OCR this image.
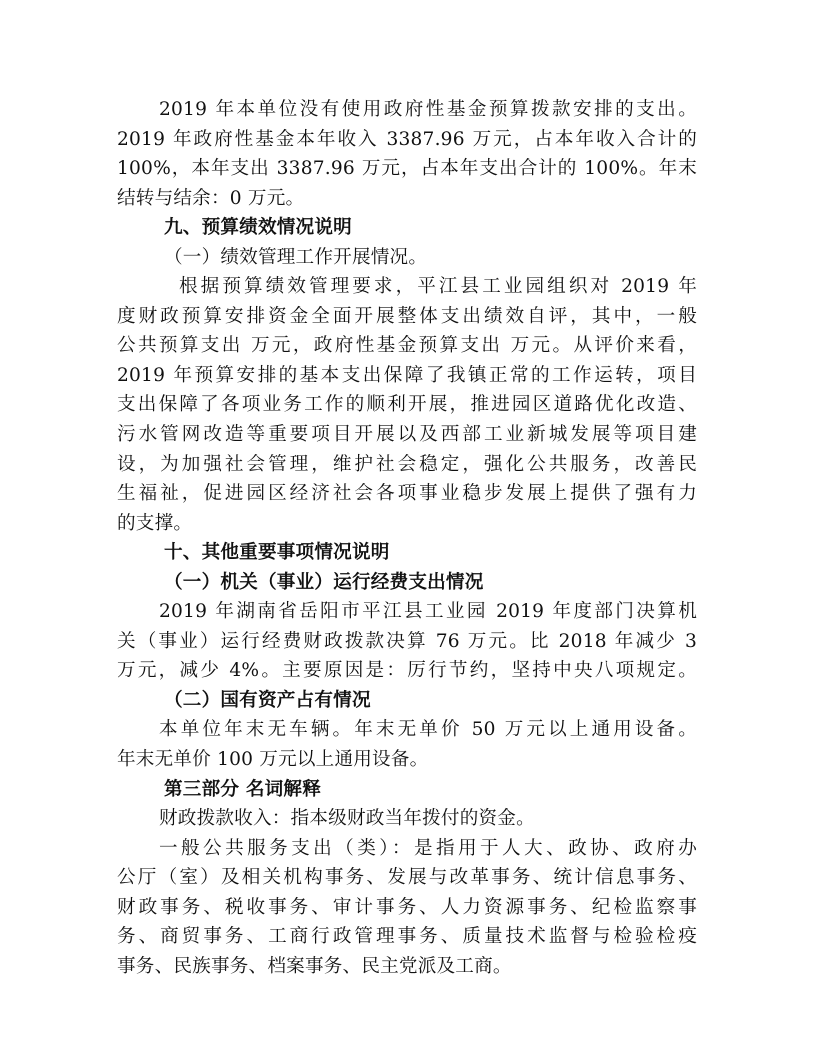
2019 年本单位没有使用政府性基金预算拨款安排的支出。
2019 年政府性基金本年收入 3387.96 万元，占本年收入合计的
100%，本年支出 3387.96 万元，占本年支出合计的 100%。年末
结转与结余：0 万元。
九、预算绩效情况说明
（一）绩效管理工作开展情况。
根据预算绩效管理要求，平江县工业园组织对 2019 年
度财政预算安排资金全面开展整体支出绩效自评，其中，一般
公共预算支出 万元，政府性基金预算支出 万元。从评价来看，
2019 年预算安排的基本支出保障了我镇正常的工作运转，项目
支出保障了各项业务工作的顺利开展，推进园区道路优化改造、
污水管网改造等重要项目开展以及西部工业新城发展等项目建
设，为加强社会管理，维护社会稳定，强化公共服务，改善民
生福祉，促进园区经济社会各项事业稳步发展上提供了强有力
的支撑。
十、其他重要事项情况说明
（一）机关（事业）运行经费支出情况
2019 年湖南省岳阳市平江县工业园 2019 年度部门决算机
关（事业）运行经费财政拨款决算 76 万元。比 2018 年减少 3
万元，减少 4%。主要原因是：厉行节约，坚持中央八项规定。
（二）国有资产占有情况
本单位年末无车辆。年末无单价 50 万元以上通用设备。
年末无单价 100 万元以上通用设备。
第三部分 名词解释
财政拨款收入：指本级财政当年拨付的资金。
一般公共服务支出（类）：是指用于人大、政协、政府办
公厅（室）及相关机构事务、发展与改革事务、统计信息事务、
财政事务、税收事务、审计事务、人力资源事务、纪检监察事
务、商贸事务、工商行政管理事务、质量技术监督与检验检疫
事务、民族事务、档案事务、民主党派及工商。
